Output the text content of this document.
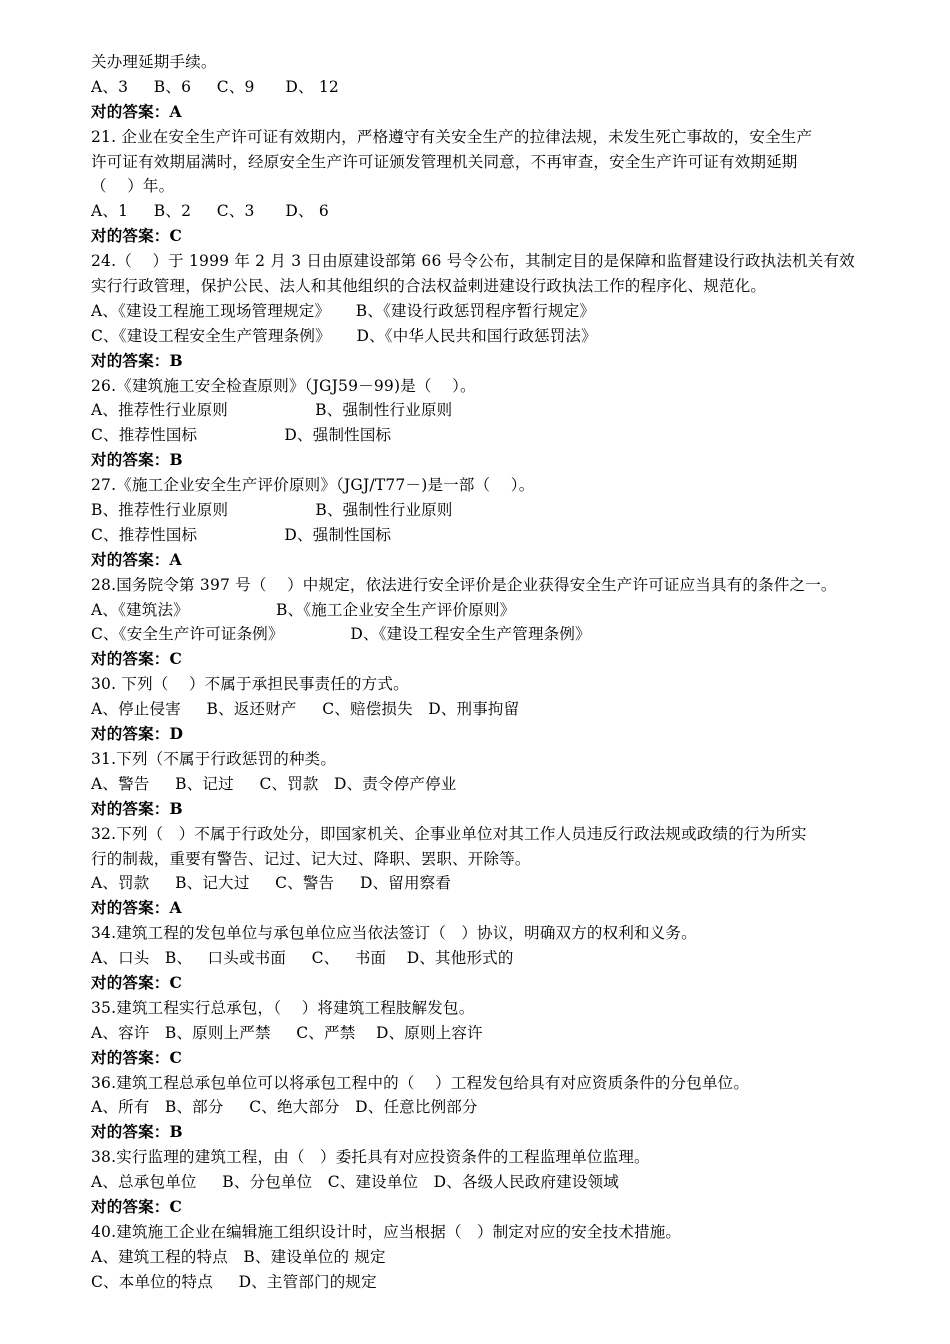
关办理延期手续。
A、3     B、6     C、9      D、 12
对的答案：A
21. 企业在安全生产许可证有效期内，严格遵守有关安全生产的拉律法规，未发生死亡事故的，安全生产
许可证有效期届满时，经原安全生产许可证颁发管理机关同意，不再审查，安全生产许可证有效期延期
（    ）年。
A、1     B、2     C、3      D、 6
对的答案：C
24.（    ）于 1999 年 2 月 3 日由原建设部第 66 号令公布，其制定目的是保障和监督建设行政执法机关有效
实行行政管理，保护公民、法人和其他组织的合法权益剌进建设行政执法工作的程序化、规范化。
A、《建设工程施工现场管理规定》     B、《建设行政惩罚程序暂行规定》
C、《建设工程安全生产管理条例》     D、《中华人民共和国行政惩罚法》
对的答案：B
26.《建筑施工安全检查原则》（JGJ59－99)是（    ）。
A、推荐性行业原则                 B、强制性行业原则
C、推荐性国标                 D、强制性国标
对的答案：B
27.《施工企业安全生产评价原则》（JGJ/T77－)是一部（    ）。
B、推荐性行业原则                 B、强制性行业原则
C、推荐性国标                 D、强制性国标
对的答案：A
28.国务院令第 397 号（    ）中规定，依法进行安全评价是企业获得安全生产许可证应当具有的条件之一。
A、《建筑法》                 B、《施工企业安全生产评价原则》
C、《安全生产许可证条例》             D、《建设工程安全生产管理条例》
对的答案：C
30. 下列（    ）不属于承担民事责任的方式。
A、停止侵害     B、返还财产     C、赔偿损失   D、刑事拘留
对的答案：D
31.下列（不属于行政惩罚的种类。
A、警告     B、记过     C、罚款   D、责令停产停业
对的答案：B
32.下列（   ）不属于行政处分，即国家机关、企事业单位对其工作人员违反行政法规或政绩的行为所实
行的制裁，重要有警告、记过、记大过、降职、罢职、开除等。
A、罚款     B、记大过     C、警告     D、留用察看
对的答案：A
34.建筑工程的发包单位与承包单位应当依法签订（   ）协议，明确双方的权利和义务。
A、口头   B、   口头或书面     C、   书面    D、其他形式的
对的答案：C
35.建筑工程实行总承包，（    ）将建筑工程肢解发包。
A、容许   B、原则上严禁     C、严禁    D、原则上容许
对的答案：C
36.建筑工程总承包单位可以将承包工程中的（    ）工程发包给具有对应资质条件的分包单位。
A、所有   B、部分     C、绝大部分   D、任意比例部分
对的答案：B
38.实行监理的建筑工程，由（   ）委托具有对应投资条件的工程监理单位监理。
A、总承包单位     B、分包单位   C、建设单位   D、各级人民政府建设领域
对的答案：C
40.建筑施工企业在编辑施工组织设计时，应当根据（   ）制定对应的安全技术措施。
A、建筑工程的特点   B、建设单位的 规定
C、本单位的特点     D、主管部门的规定
